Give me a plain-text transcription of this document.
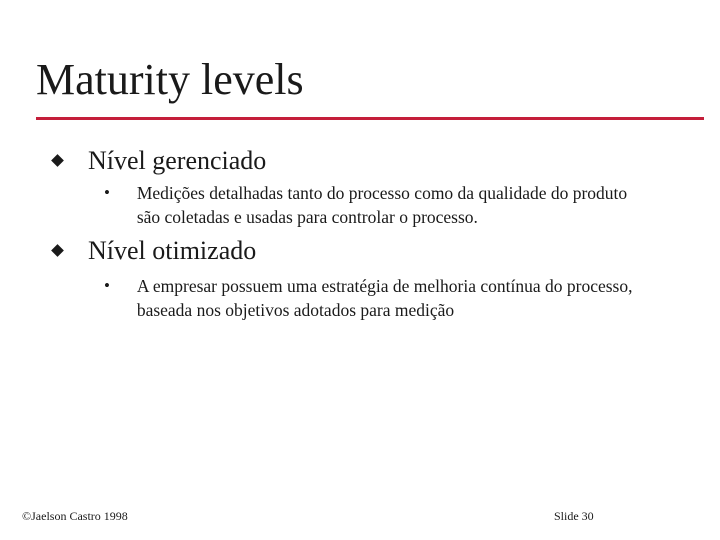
Maturity levels
Nível gerenciado
•	Medições detalhadas tanto do processo como da qualidade do produto são coletadas e usadas para controlar o processo.
Nível otimizado
•	A empresar possuem uma estratégia de melhoria contínua do processo, baseada nos objetivos adotados para medição
©Jaelson Castro 1998	Slide 30
